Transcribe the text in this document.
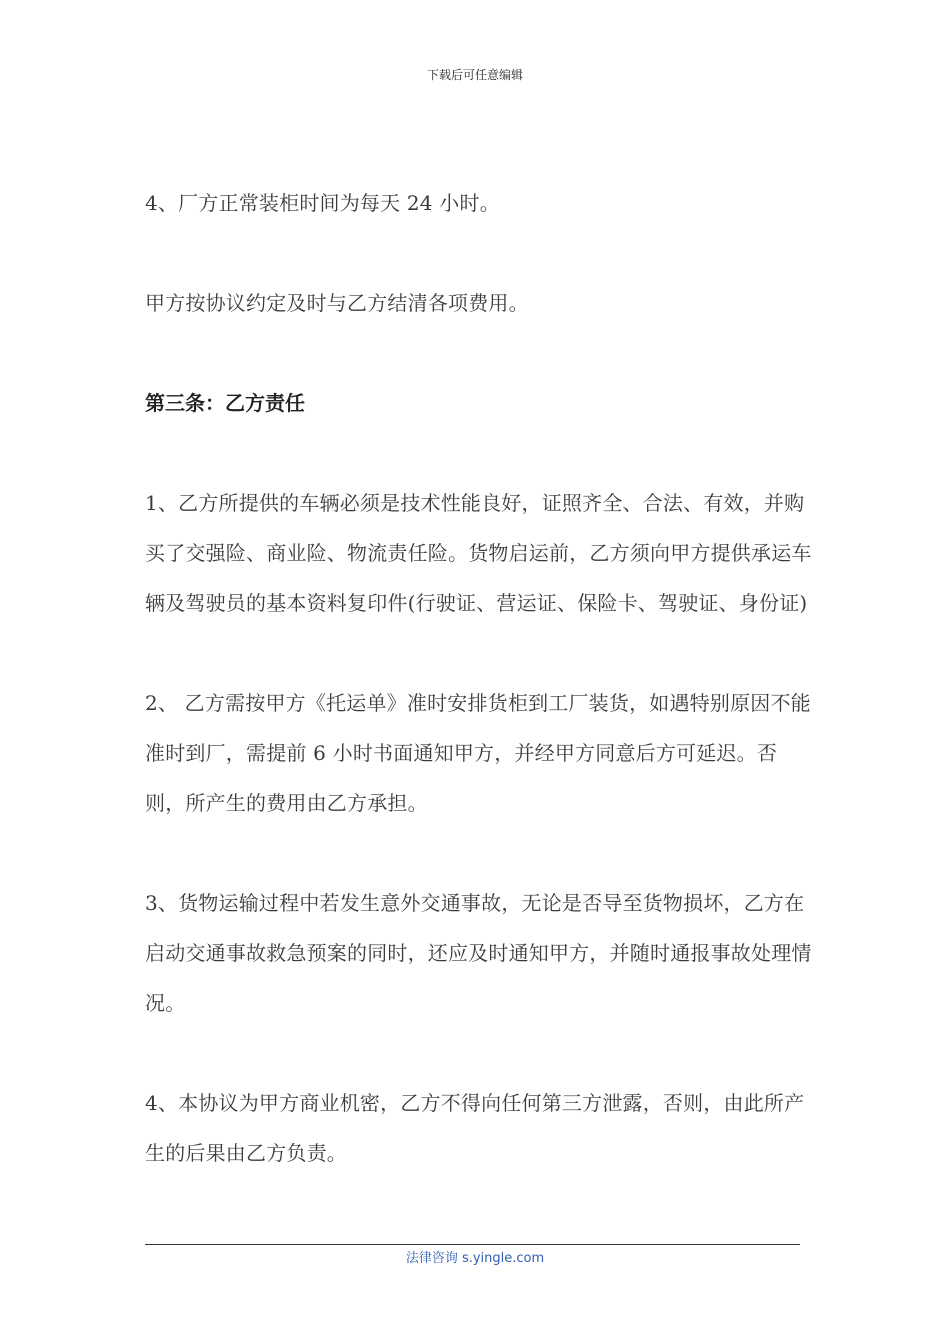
下载后可任意编辑

4、厂方正常装柜时间为每天 24 小时。

甲方按协议约定及时与乙方结清各项费用。

第三条：乙方责任

1、乙方所提供的车辆必须是技术性能良好，证照齐全、合法、有效，并购买了交强险、商业险、物流责任险。货物启运前，乙方须向甲方提供承运车辆及驾驶员的基本资料复印件(行驶证、营运证、保险卡、驾驶证、身份证)

2、 乙方需按甲方《托运单》准时安排货柜到工厂装货，如遇特别原因不能准时到厂，需提前 6 小时书面通知甲方，并经甲方同意后方可延迟。否则，所产生的费用由乙方承担。

3、货物运输过程中若发生意外交通事故，无论是否导至货物损坏，乙方在启动交通事故救急预案的同时，还应及时通知甲方，并随时通报事故处理情况。

4、本协议为甲方商业机密，乙方不得向任何第三方泄露，否则，由此所产生的后果由乙方负责。

法律咨询 s.yingle.com
